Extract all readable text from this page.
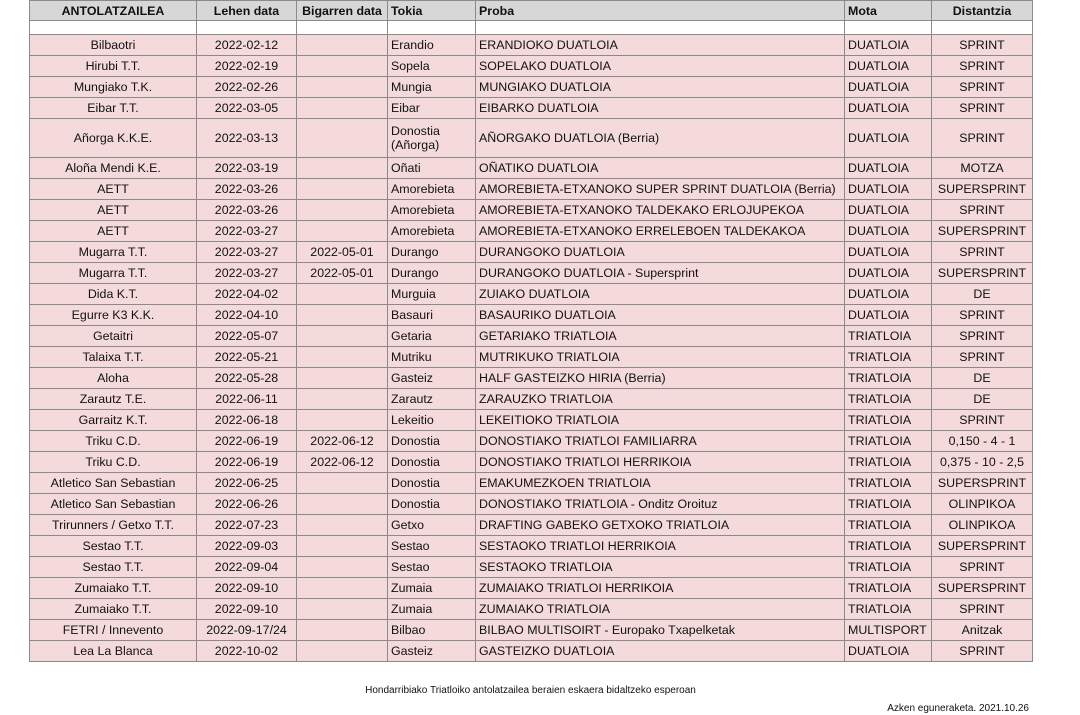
ANTOLATZAILEA	Lehen data	Bigarren data	Tokia	Proba	Mota	Distantzia

Bilbaotri	2022-02-12		Erandio	ERANDIOKO DUATLOIA	DUATLOIA	SPRINT
Hirubi T.T.	2022-02-19		Sopela	SOPELAKO DUATLOIA	DUATLOIA	SPRINT
Mungiako T.K.	2022-02-26		Mungia	MUNGIAKO DUATLOIA	DUATLOIA	SPRINT
Eibar T.T.	2022-03-05		Eibar	EIBARKO DUATLOIA	DUATLOIA	SPRINT
Añorga K.K.E.	2022-03-13		Donostia (Añorga)	AÑORGAKO DUATLOIA (Berria)	DUATLOIA	SPRINT
Aloña Mendi K.E.	2022-03-19		Oñati	OÑATIKO DUATLOIA	DUATLOIA	MOTZA
AETT	2022-03-26		Amorebieta	AMOREBIETA-ETXANOKO SUPER SPRINT DUATLOIA (Berria)	DUATLOIA	SUPERSPRINT
AETT	2022-03-26		Amorebieta	AMOREBIETA-ETXANOKO TALDEKAKO ERLOJUPEKOA	DUATLOIA	SPRINT
AETT	2022-03-27		Amorebieta	AMOREBIETA-ETXANOKO ERRELEBOEN TALDEKAKOA	DUATLOIA	SUPERSPRINT
Mugarra T.T.	2022-03-27	2022-05-01	Durango	DURANGOKO DUATLOIA	DUATLOIA	SPRINT
Mugarra T.T.	2022-03-27	2022-05-01	Durango	DURANGOKO DUATLOIA - Supersprint	DUATLOIA	SUPERSPRINT
Dida K.T.	2022-04-02		Murguia	ZUIAKO DUATLOIA	DUATLOIA	DE
Egurre K3 K.K.	2022-04-10		Basauri	BASAURIKO DUATLOIA	DUATLOIA	SPRINT
Getaitri	2022-05-07		Getaria	GETARIAKO TRIATLOIA	TRIATLOIA	SPRINT
Talaixa T.T.	2022-05-21		Mutriku	MUTRIKUKO TRIATLOIA	TRIATLOIA	SPRINT
Aloha	2022-05-28		Gasteiz	HALF GASTEIZKO HIRIA (Berria)	TRIATLOIA	DE
Zarautz T.E.	2022-06-11		Zarautz	ZARAUZKO TRIATLOIA	TRIATLOIA	DE
Garraitz K.T.	2022-06-18		Lekeitio	LEKEITIOKO TRIATLOIA	TRIATLOIA	SPRINT
Triku C.D.	2022-06-19	2022-06-12	Donostia	DONOSTIAKO TRIATLOI FAMILIARRA	TRIATLOIA	0,150 - 4 - 1
Triku C.D.	2022-06-19	2022-06-12	Donostia	DONOSTIAKO TRIATLOI HERRIKOIA	TRIATLOIA	0,375 - 10 - 2,5
Atletico San Sebastian	2022-06-25		Donostia	EMAKUMEZKOEN TRIATLOIA	TRIATLOIA	SUPERSPRINT
Atletico San Sebastian	2022-06-26		Donostia	DONOSTIAKO TRIATLOIA - Onditz Oroituz	TRIATLOIA	OLINPIKOA
Trirunners / Getxo T.T.	2022-07-23		Getxo	DRAFTING GABEKO GETXOKO TRIATLOIA	TRIATLOIA	OLINPIKOA
Sestao T.T.	2022-09-03		Sestao	SESTAOKO TRIATLOI HERRIKOIA	TRIATLOIA	SUPERSPRINT
Sestao T.T.	2022-09-04		Sestao	SESTAOKO TRIATLOIA	TRIATLOIA	SPRINT
Zumaiako T.T.	2022-09-10		Zumaia	ZUMAIAKO TRIATLOI HERRIKOIA	TRIATLOIA	SUPERSPRINT
Zumaiako T.T.	2022-09-10		Zumaia	ZUMAIAKO TRIATLOIA	TRIATLOIA	SPRINT
FETRI / Innevento	2022-09-17/24		Bilbao	BILBAO MULTISOIRT - Europako Txapelketak	MULTISPORT	Anitzak
Lea La Blanca	2022-10-02		Gasteiz	GASTEIZKO DUATLOIA	DUATLOIA	SPRINT

Hondarribiako Triatloiko antolatzailea beraien eskaera bidaltzeko esperoan
Azken eguneraketa. 2021.10.26
